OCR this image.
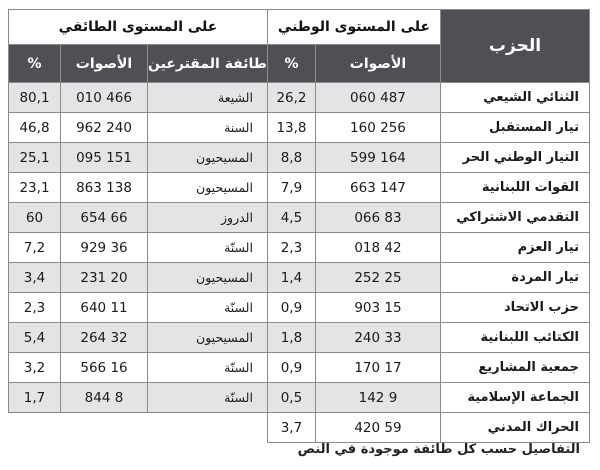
الحزب	على المستوى الوطني		على المستوى الطائفي		
	الأصوات	%	طائفة المقترعين	الأصوات	%
الثنائي الشيعي	487 060	26,2	الشيعة	466 010	80,1
تيار المستقبل	256 160	13,8	السنة	240 962	46,8
التيار الوطني الحر	164 599	8,8	المسيحيون	151 095	25,1
القوات اللبنانية	147 663	7,9	المسيحيون	138 863	23,1
التقدمي الاشتراكي	83 066	4,5	الدروز	66 654	60
تيار العزم	42 018	2,3	السنّة	36 929	7,2
تيار المردة	25 252	1,4	المسيحيون	20 231	3,4
حزب الاتحاد	15 903	0,9	السنّة	11 640	2,3
الكتائب اللبنانية	33 240	1,8	المسيحيون	32 264	5,4
جمعية المشاريع	17 170	0,9	السنّة	16 566	3,2
الجماعة الإسلامية	9 142	0,5	السنّة	8 844	1,7
الحراك المدني	59 420	3,7			
التفاصيل حسب كل طائفة موجودة في النص
